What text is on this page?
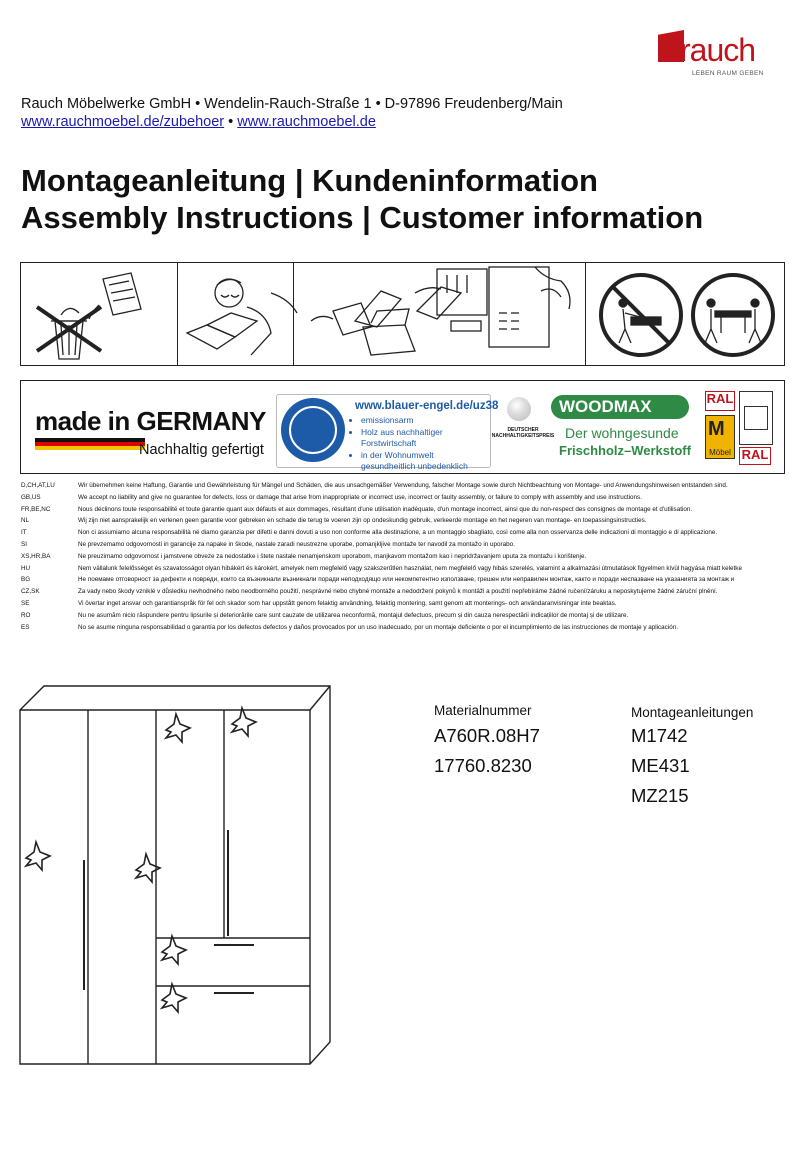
rauch
LEBEN RAUM GEBEN
Rauch Möbelwerke GmbH • Wendelin-Rauch-Straße 1 • D-97896 Freudenberg/Main
www.rauchmoebel.de/zubehoer • www.rauchmoebel.de
Montageanleitung | Kundeninformation
Assembly Instructions | Customer information
made in GERMANY
Nachhaltig gefertigt
www.blauer-engel.de/uz38
• emissionsarm
• Holz aus nachhaltiger Forstwirtschaft
• in der Wohnumwelt gesundheitlich unbedenklich
DEUTSCHER NACHHALTIGKEITSPREIS
WOODMAX
Der wohngesunde
Frischholz–Werkstoff
RAL
M
Möbel RAL
D,CH,AT,LU	Wir übernehmen keine Haftung, Garantie und Gewährleistung für Mängel und Schäden, die aus unsachgemäßer Verwendung, falscher Montage sowie durch Nichtbeachtung von Montage- und Anwendungshinweisen entstanden sind.
GB,US	We accept no liability and give no guarantee for defects, loss or damage that arise from inappropriate or incorrect use, incorrect or faulty assembly, or failure to comply with assembly and use instructions.
FR,BE,NC	Nous déclinons toute responsabilité et toute garantie quant aux défauts et aux dommages, résultant d'une utilisation inadéquate, d'un montage incorrect, ainsi que du non-respect des consignes de montage et d'utilisation.
NL	Wij zijn niet aansprakelijk en verlenen geen garantie voor gebreken en schade die terug te voeren zijn op ondeskundig gebruik, verkeerde montage en het negeren van montage- en toepassingsinstructies.
IT	Non ci assumiamo alcuna responsabilità né diamo garanzia per difetti e danni dovuti a uso non conforme alla destinazione, a un montaggio sbagliato, così come alla non osservanza delle indicazioni di montaggio e di applicazione.
SI	Ne prevzemamo odgovornosti in garancije za napake in škode, nastale zaradi neustrezne uporabe, pomanjkljive montaže ter navodil za montažo in uporabo.
XS,HR,BA	Ne preuzimamo odgovornost i jamstvene obveze za nedostatke i štete nastale nenamjenskom uporabom, manjkavom montažom kao i nepridržavanjem uputa za montažu i korištenje.
HU	Nem vállalunk felelősséget és szavatosságot olyan hibákért és károkért, amelyek nem megfelelő vagy szakszerűtlen használat, nem megfelelő vagy hibás szerelés, valamint a alkalmazási útmutatások figyelmen kívül hagyása miatt keletke
BG	Не поемаме отговорност за дефекти и повреди, които са възникнали възникнали поради неподходящо или некомпетентно използване, грешен или неправилен монтаж, както и поради неспазване на указанията за монтаж и
CZ,SK	Za vady nebo škody vzniklé v důsledku nevhodného nebo neodborného použití, nesprávné nebo chybné montáže a nedodržení pokynů k montáži a použití nepřebíráme žádné ručení/záruku a neposkytujeme žádné záruční plnění.
SE	Vi övertar inget ansvar och garantianspråk för fel och skador som har uppstått genom felaktig användning, felaktig montering, samt genom att monterings- och användaranvisningar inte beaktas.
RO	Nu ne asumăm nicio răspundere pentru lipsurile și deteriorările care sunt cauzate de utilizarea neconformă, montajul defectuos, precum și din cauza nerespectării indicațiilor de montaj și de utilizare.
ES	No se asume ninguna responsabilidad o garantía por los defectos defectos y daños provocados por un uso inadecuado, por un montaje deficiente o por el incumplimiento de las instrucciones de montaje y aplicación.
Materialnummer
A760R.08H7
17760.8230
Montageanleitungen
M1742
ME431
MZ215
